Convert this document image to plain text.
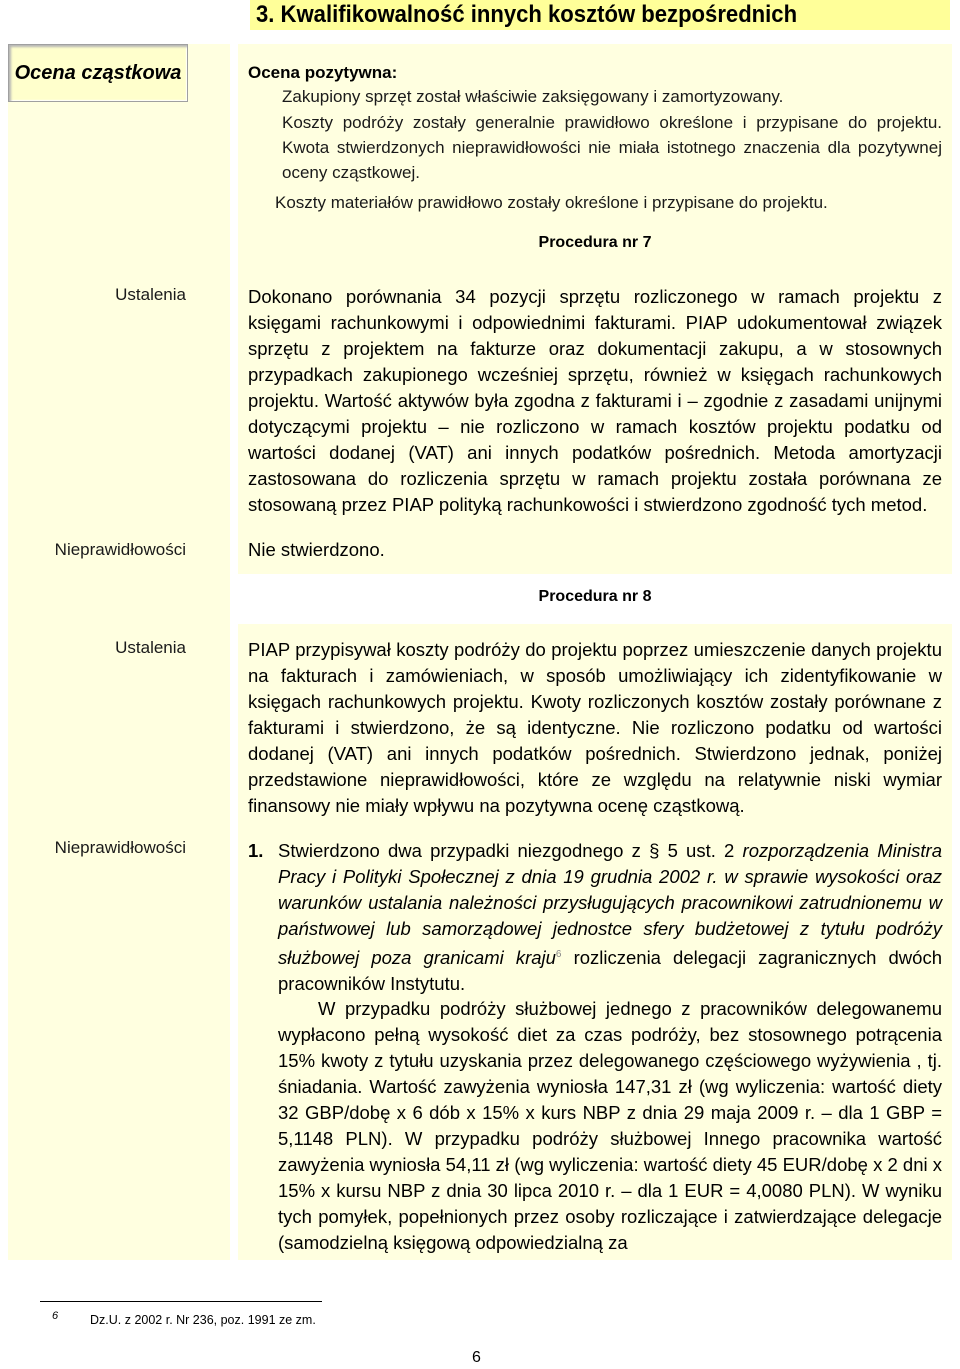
3. Kwalifikowalność innych kosztów bezpośrednich
Ocena cząstkowa	Ocena pozytywna:
Zakupiony sprzęt został właściwie zaksięgowany i zamortyzowany.
Koszty podróży zostały generalnie prawidłowo określone i przypisane do projektu. Kwota stwierdzonych nieprawidłowości nie miała istotnego znaczenia dla pozytywnej oceny cząstkowej.
Koszty materiałów prawidłowo zostały określone i przypisane do projektu.
Procedura nr 7
Ustalenia	Dokonano porównania 34 pozycji sprzętu rozliczonego w ramach projektu z księgami rachunkowymi i odpowiednimi fakturami. PIAP udokumentował związek sprzętu z projektem na fakturze oraz dokumentacji zakupu, a w stosownych przypadkach zakupionego wcześniej sprzętu, również w księgach rachunkowych projektu. Wartość aktywów była zgodna z fakturami i – zgodnie z zasadami unijnymi dotyczącymi projektu – nie rozliczono w ramach kosztów projektu podatku od wartości dodanej (VAT) ani innych podatków pośrednich. Metoda amortyzacji zastosowana do rozliczenia sprzętu w ramach projektu została porównana ze stosowaną przez PIAP polityką rachunkowości i stwierdzono zgodność tych metod.
Nieprawidłowości	Nie stwierdzono.
Procedura nr 8
Ustalenia	PIAP przypisywał koszty podróży do projektu poprzez umieszczenie danych projektu na fakturach i zamówieniach, w sposób umożliwiający ich zidentyfikowanie w księgach rachunkowych projektu. Kwoty rozliczonych kosztów zostały porównane z fakturami i stwierdzono, że są identyczne. Nie rozliczono podatku od wartości dodanej (VAT) ani innych podatków pośrednich. Stwierdzono jednak, poniżej przedstawione nieprawidłowości, które ze względu na relatywnie niski wymiar finansowy nie miały wpływu na pozytywna ocenę cząstkową.
Nieprawidłowości	1. Stwierdzono dwa przypadki niezgodnego z § 5 ust. 2 rozporządzenia Ministra Pracy i Polityki Społecznej z dnia 19 grudnia 2002 r. w sprawie wysokości oraz warunków ustalania należności przysługujących pracownikowi zatrudnionemu w państwowej lub samorządowej jednostce sfery budżetowej z tytułu podróży służbowej poza granicami kraju$^6$ rozliczenia delegacji zagranicznych dwóch pracowników Instytutu.
W przypadku podróży służbowej jednego z pracowników delegowanemu wypłacono pełną wysokość diet za czas podróży, bez stosownego potrącenia 15% kwoty z tytułu uzyskania przez delegowanego częściowego wyżywienia , tj. śniadania. Wartość zawyżenia wyniosła 147,31 zł (wg wyliczenia: wartość diety 32 GBP/dobę x 6 dób x 15% x kurs NBP z dnia 29 maja 2009 r. – dla 1 GBP = 5,1148 PLN). W przypadku podróży służbowej Innego pracownika wartość zawyżenia wyniosła 54,11 zł (wg wyliczenia: wartość diety 45 EUR/dobę x 2 dni x 15% x kursu NBP z dnia 30 lipca 2010 r. – dla 1 EUR = 4,0080 PLN). W wyniku tych pomyłek, popełnionych przez osoby rozliczające i zatwierdzające delegacje (samodzielną księgową odpowiedzialną za
6	Dz.U. z 2002 r. Nr 236, poz. 1991 ze zm.
6
